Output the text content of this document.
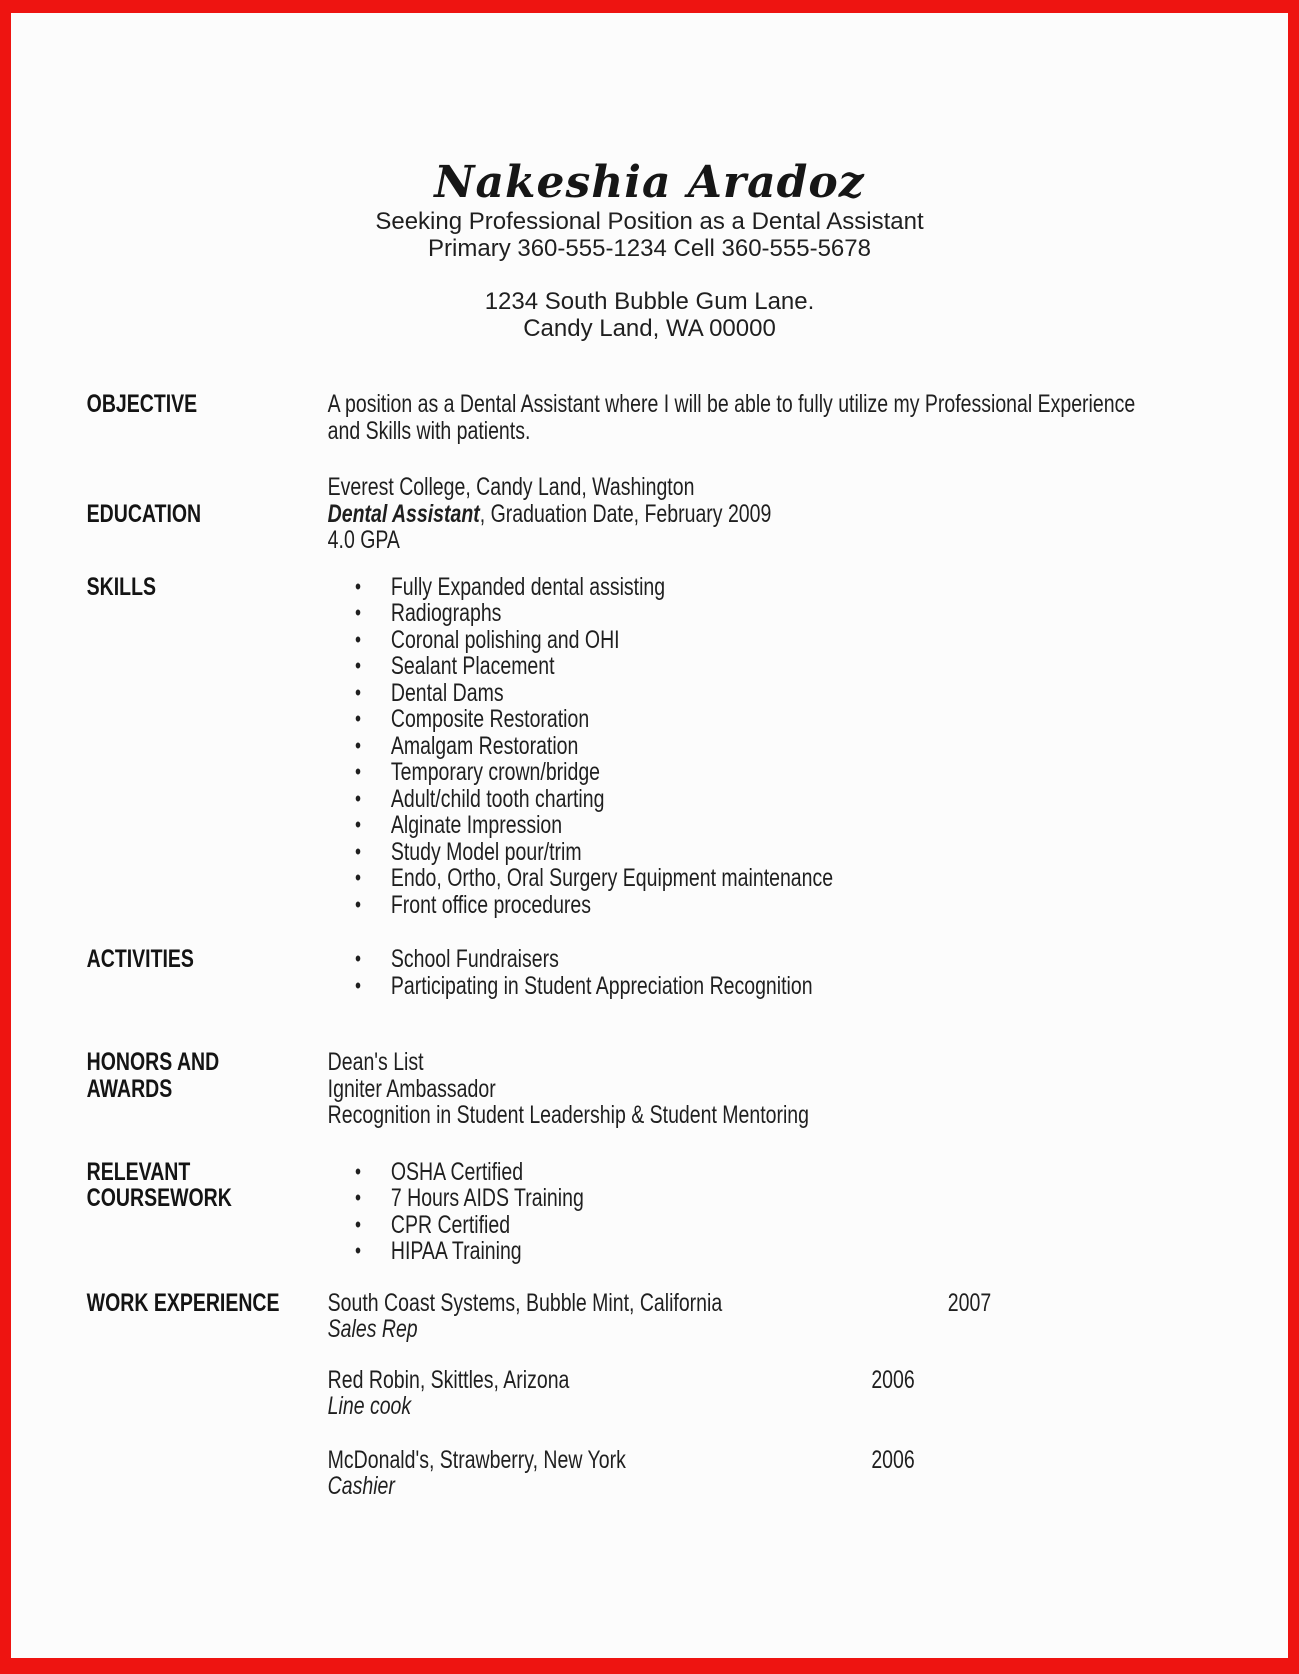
Nakeshia Aradoz
Seeking Professional Position as a Dental Assistant
Primary 360-555-1234 Cell 360-555-5678
1234 South Bubble Gum Lane.
Candy Land, WA 00000
OBJECTIVE	A position as a Dental Assistant where I will be able to fully utilize my Professional Experience and Skills with patients.
EDUCATION
Everest College, Candy Land, Washington
Dental Assistant, Graduation Date, February 2009
4.0 GPA
SKILLS	• Fully Expanded dental assisting
• Radiographs
• Coronal polishing and OHI
• Sealant Placement
• Dental Dams
• Composite Restoration
• Amalgam Restoration
• Temporary crown/bridge
• Adult/child tooth charting
• Alginate Impression
• Study Model pour/trim
• Endo, Ortho, Oral Surgery Equipment maintenance
• Front office procedures
ACTIVITIES	• School Fundraisers
• Participating in Student Appreciation Recognition
HONORS AND
AWARDS
Dean's List
Igniter Ambassador
Recognition in Student Leadership & Student Mentoring
RELEVANT
COURSEWORK
• OSHA Certified
• 7 Hours AIDS Training
• CPR Certified
• HIPAA Training
WORK EXPERIENCE	South Coast Systems, Bubble Mint, California	2007
Sales Rep
Red Robin, Skittles, Arizona	2006
Line cook
McDonald's, Strawberry, New York	2006
Cashier
